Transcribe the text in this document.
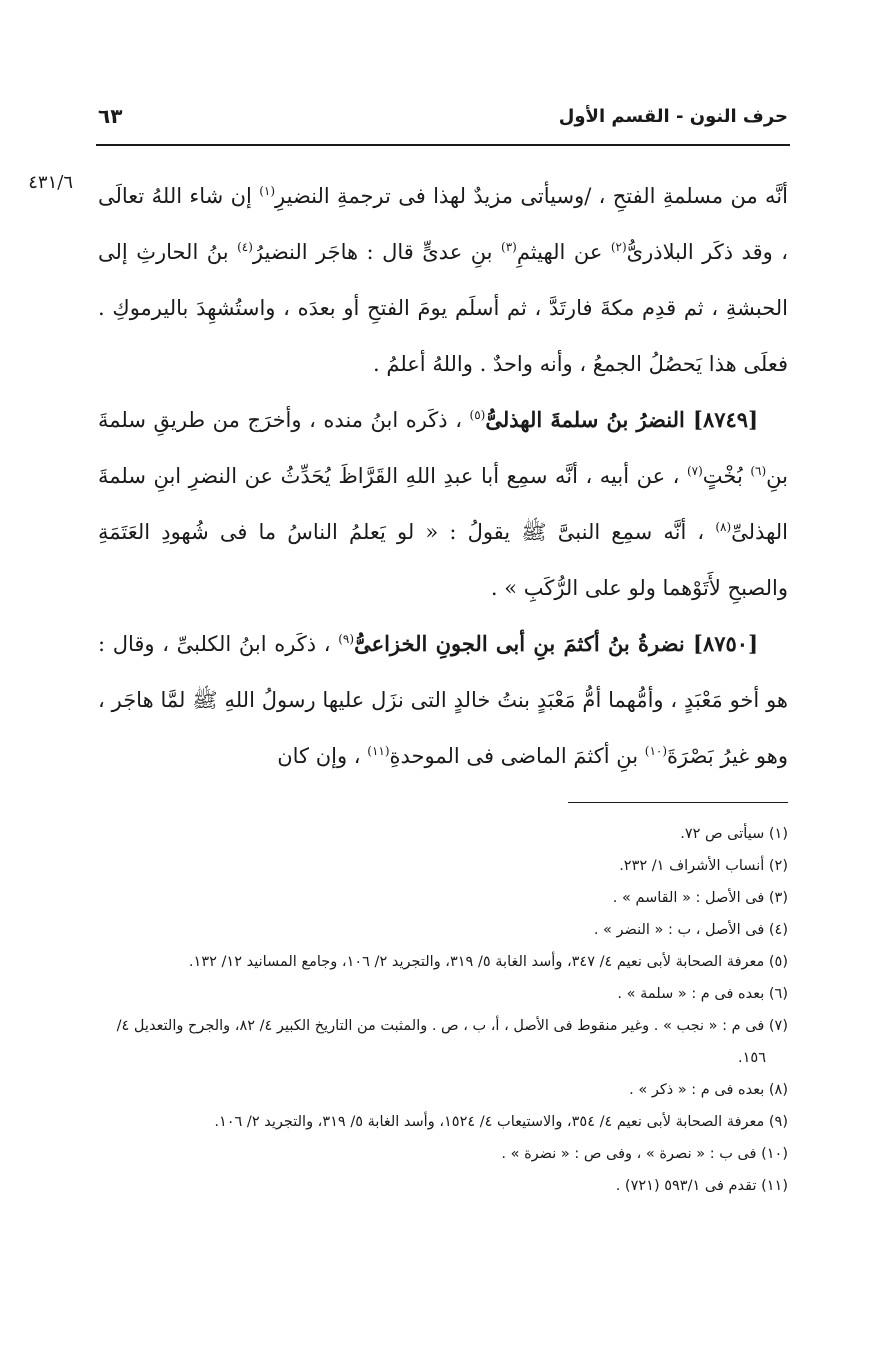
حرف النون - القسم الأول
٦٣
٤٣١/٦

أنَّه من مسلمةِ الفتحِ ، /وسيأتى مزيدٌ لهذا فى ترجمةِ النضيرِ$^{(١)}$ إن شاء اللهُ تعالَى ، وقد ذكَر البلاذرىُّ$^{(٢)}$ عن الهيثمِ$^{(٣)}$ بنِ عدىٍّ قال : هاجَر النضيرُ$^{(٤)}$ بنُ الحارثِ إلى الحبشةِ ، ثم قدِم مكةَ فارتَدَّ ، ثم أسلَم يومَ الفتحِ أو بعدَه ، واستُشهِدَ باليرموكِ . فعلَى هذا يَحصُلُ الجمعُ ، وأنه واحدٌ . واللهُ أعلمُ .

[٨٧٤٩] النضرُ بنُ سلمةَ الهذلىُّ$^{(٥)}$ ، ذكَره ابنُ منده ، وأخرَج من طريقِ سلمةَ بنِ$^{(٦)}$ بُخْتٍ$^{(٧)}$ ، عن أبيه ، أنَّه سمِع أبا عبدِ اللهِ القَرَّاظَ يُحَدِّثُ عن النضرِ ابنِ سلمةَ الهذلىِّ$^{(٨)}$ ، أنَّه سمِع النبىَّ ﷺ يقولُ : « لو يَعلمُ الناسُ ما فى شُهودِ العَتَمَةِ والصبحِ لأَتَوْهما ولو على الرُّكَبِ » .

[٨٧٥٠] نضرةُ بنُ أكثمَ بنِ أبى الجونِ الخزاعىُّ$^{(٩)}$ ، ذكَره ابنُ الكلبىِّ ، وقال : هو أخو مَعْبَدٍ ، وأمُّهما أمُّ مَعْبَدٍ بنتُ خالدٍ التى نزَل عليها رسولُ اللهِ ﷺ لمَّا هاجَر ، وهو غيرُ بَصْرَةَ$^{(١٠)}$ بنِ أكثمَ الماضى فى الموحدةِ$^{(١١)}$ ، وإن كان

(١) سيأتى ص ٧٢.

(٢) أنساب الأشراف ١/ ٢٣٢.

(٣) فى الأصل : « القاسم » .

(٤) فى الأصل ، ب : « النضر » .

(٥) معرفة الصحابة لأبى نعيم ٤/ ٣٤٧، وأسد الغابة ٥/ ٣١٩، والتجريد ٢/ ١٠٦، وجامع المسانيد ١٢/ ١٣٢.

(٦) بعده فى م : « سلمة » .

(٧) فى م : « نجب » . وغير منقوط فى الأصل ، أ، ب ، ص . والمثبت من التاريخ الكبير ٤/ ٨٢، والجرح والتعديل ٤/ ١٥٦.

(٨) بعده فى م : « ذكر » .

(٩) معرفة الصحابة لأبى نعيم ٤/ ٣٥٤، والاستيعاب ٤/ ١٥٢٤، وأسد الغابة ٥/ ٣١٩، والتجريد ٢/ ١٠٦.

(١٠) فى ب : « نصرة » ، وفى ص : « نضرة » .

(١١) تقدم فى ٥٩٣/١ (٧٢١) .
